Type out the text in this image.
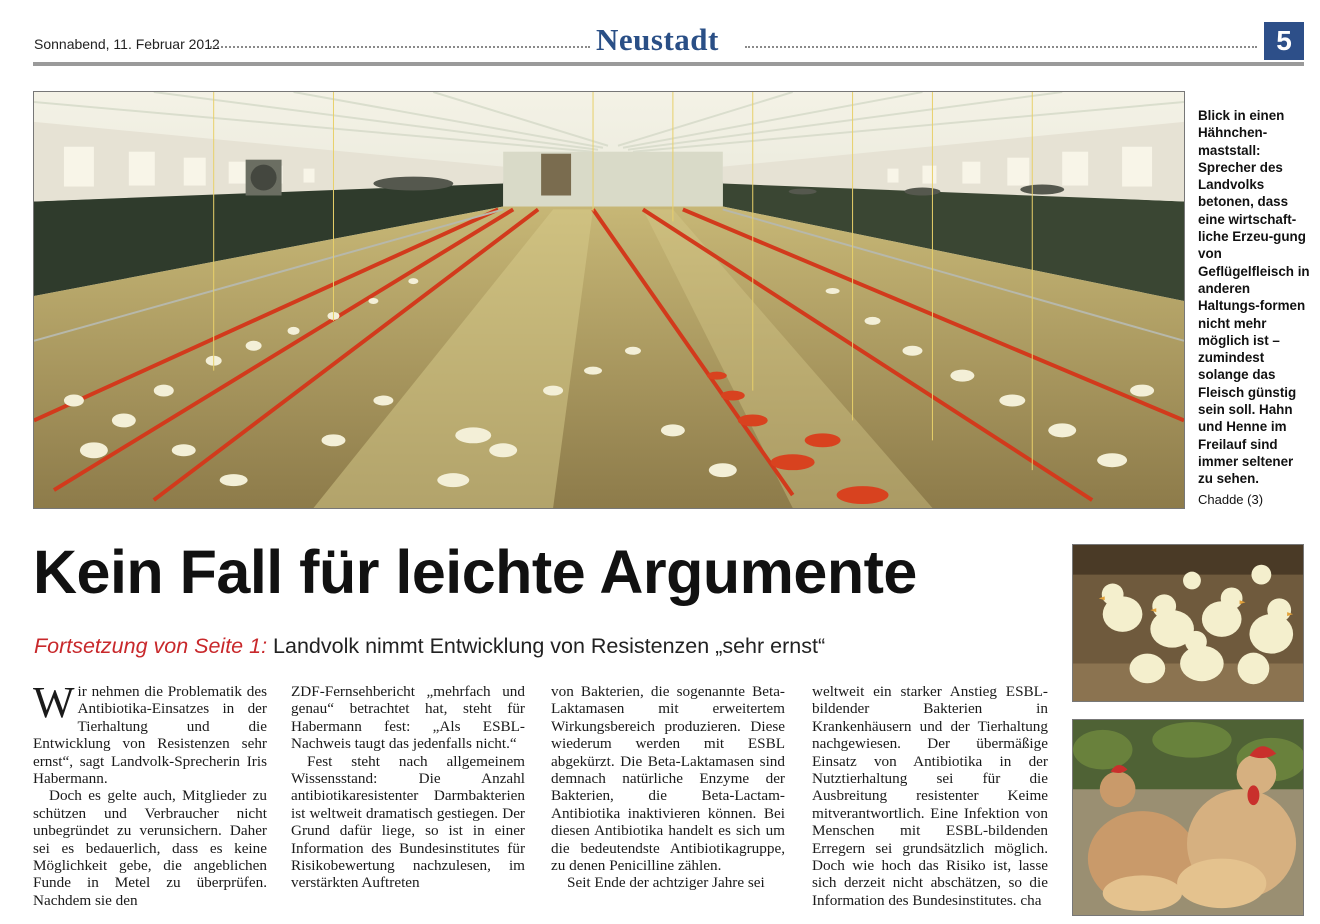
Sonnabend, 11. Februar 2012	Neustadt	5
Blick in einen Hähnchen-maststall: Sprecher des Landvolks betonen, dass eine wirtschaft-liche Erzeu-gung von Geflügelfleisch in anderen Haltungs-formen nicht mehr möglich ist – zumindest solange das Fleisch günstig sein soll. Hahn und Henne im Freilauf sind immer seltener zu sehen.
Chadde (3)
Kein Fall für leichte Argumente
Fortsetzung von Seite 1: Landvolk nimmt Entwicklung von Resistenzen „sehr ernst“

Wir nehmen die Problematik des Antibiotika-Einsatzes in der Tierhaltung und die Entwicklung von Resistenzen sehr ernst“, sagt Landvolk-Sprecherin Iris Habermann.

Doch es gelte auch, Mitglieder zu schützen und Verbraucher nicht unbegründet zu verunsichern. Daher sei es bedauerlich, dass es keine Möglichkeit gebe, die angeblichen Funde in Metel zu überprüfen. Nachdem sie den

ZDF-Fernsehbericht „mehrfach und genau“ betrachtet hat, steht für Habermann fest: „Als ESBL-Nachweis taugt das jedenfalls nicht.“

Fest steht nach allgemeinem Wissensstand: Die Anzahl antibiotikaresistenter Darmbakterien ist weltweit dramatisch gestiegen. Der Grund dafür liege, so ist in einer Information des Bundesinstitutes für Risikobewertung nachzulesen, im verstärkten Auftreten

von Bakterien, die sogenannte Beta-Laktamasen mit erweitertem Wirkungsbereich produzieren. Diese wiederum werden mit ESBL abgekürzt. Die Beta-Laktamasen sind demnach natürliche Enzyme der Bakterien, die Beta-Lactam-Antibiotika inaktivieren können. Bei diesen Antibiotika handelt es sich um die bedeutendste Antibiotikagruppe, zu denen Penicilline zählen.

Seit Ende der achtziger Jahre sei

weltweit ein starker Anstieg ESBL-bildender Bakterien in Krankenhäusern und der Tierhaltung nachgewiesen. Der übermäßige Einsatz von Antibiotika in der Nutztierhaltung sei für die Ausbreitung resistenter Keime mitverantwortlich. Eine Infektion von Menschen mit ESBL-bildenden Erregern sei grundsätzlich möglich. Doch wie hoch das Risiko ist, lasse sich derzeit nicht abschätzen, so die Information des Bundesinstitutes. cha
